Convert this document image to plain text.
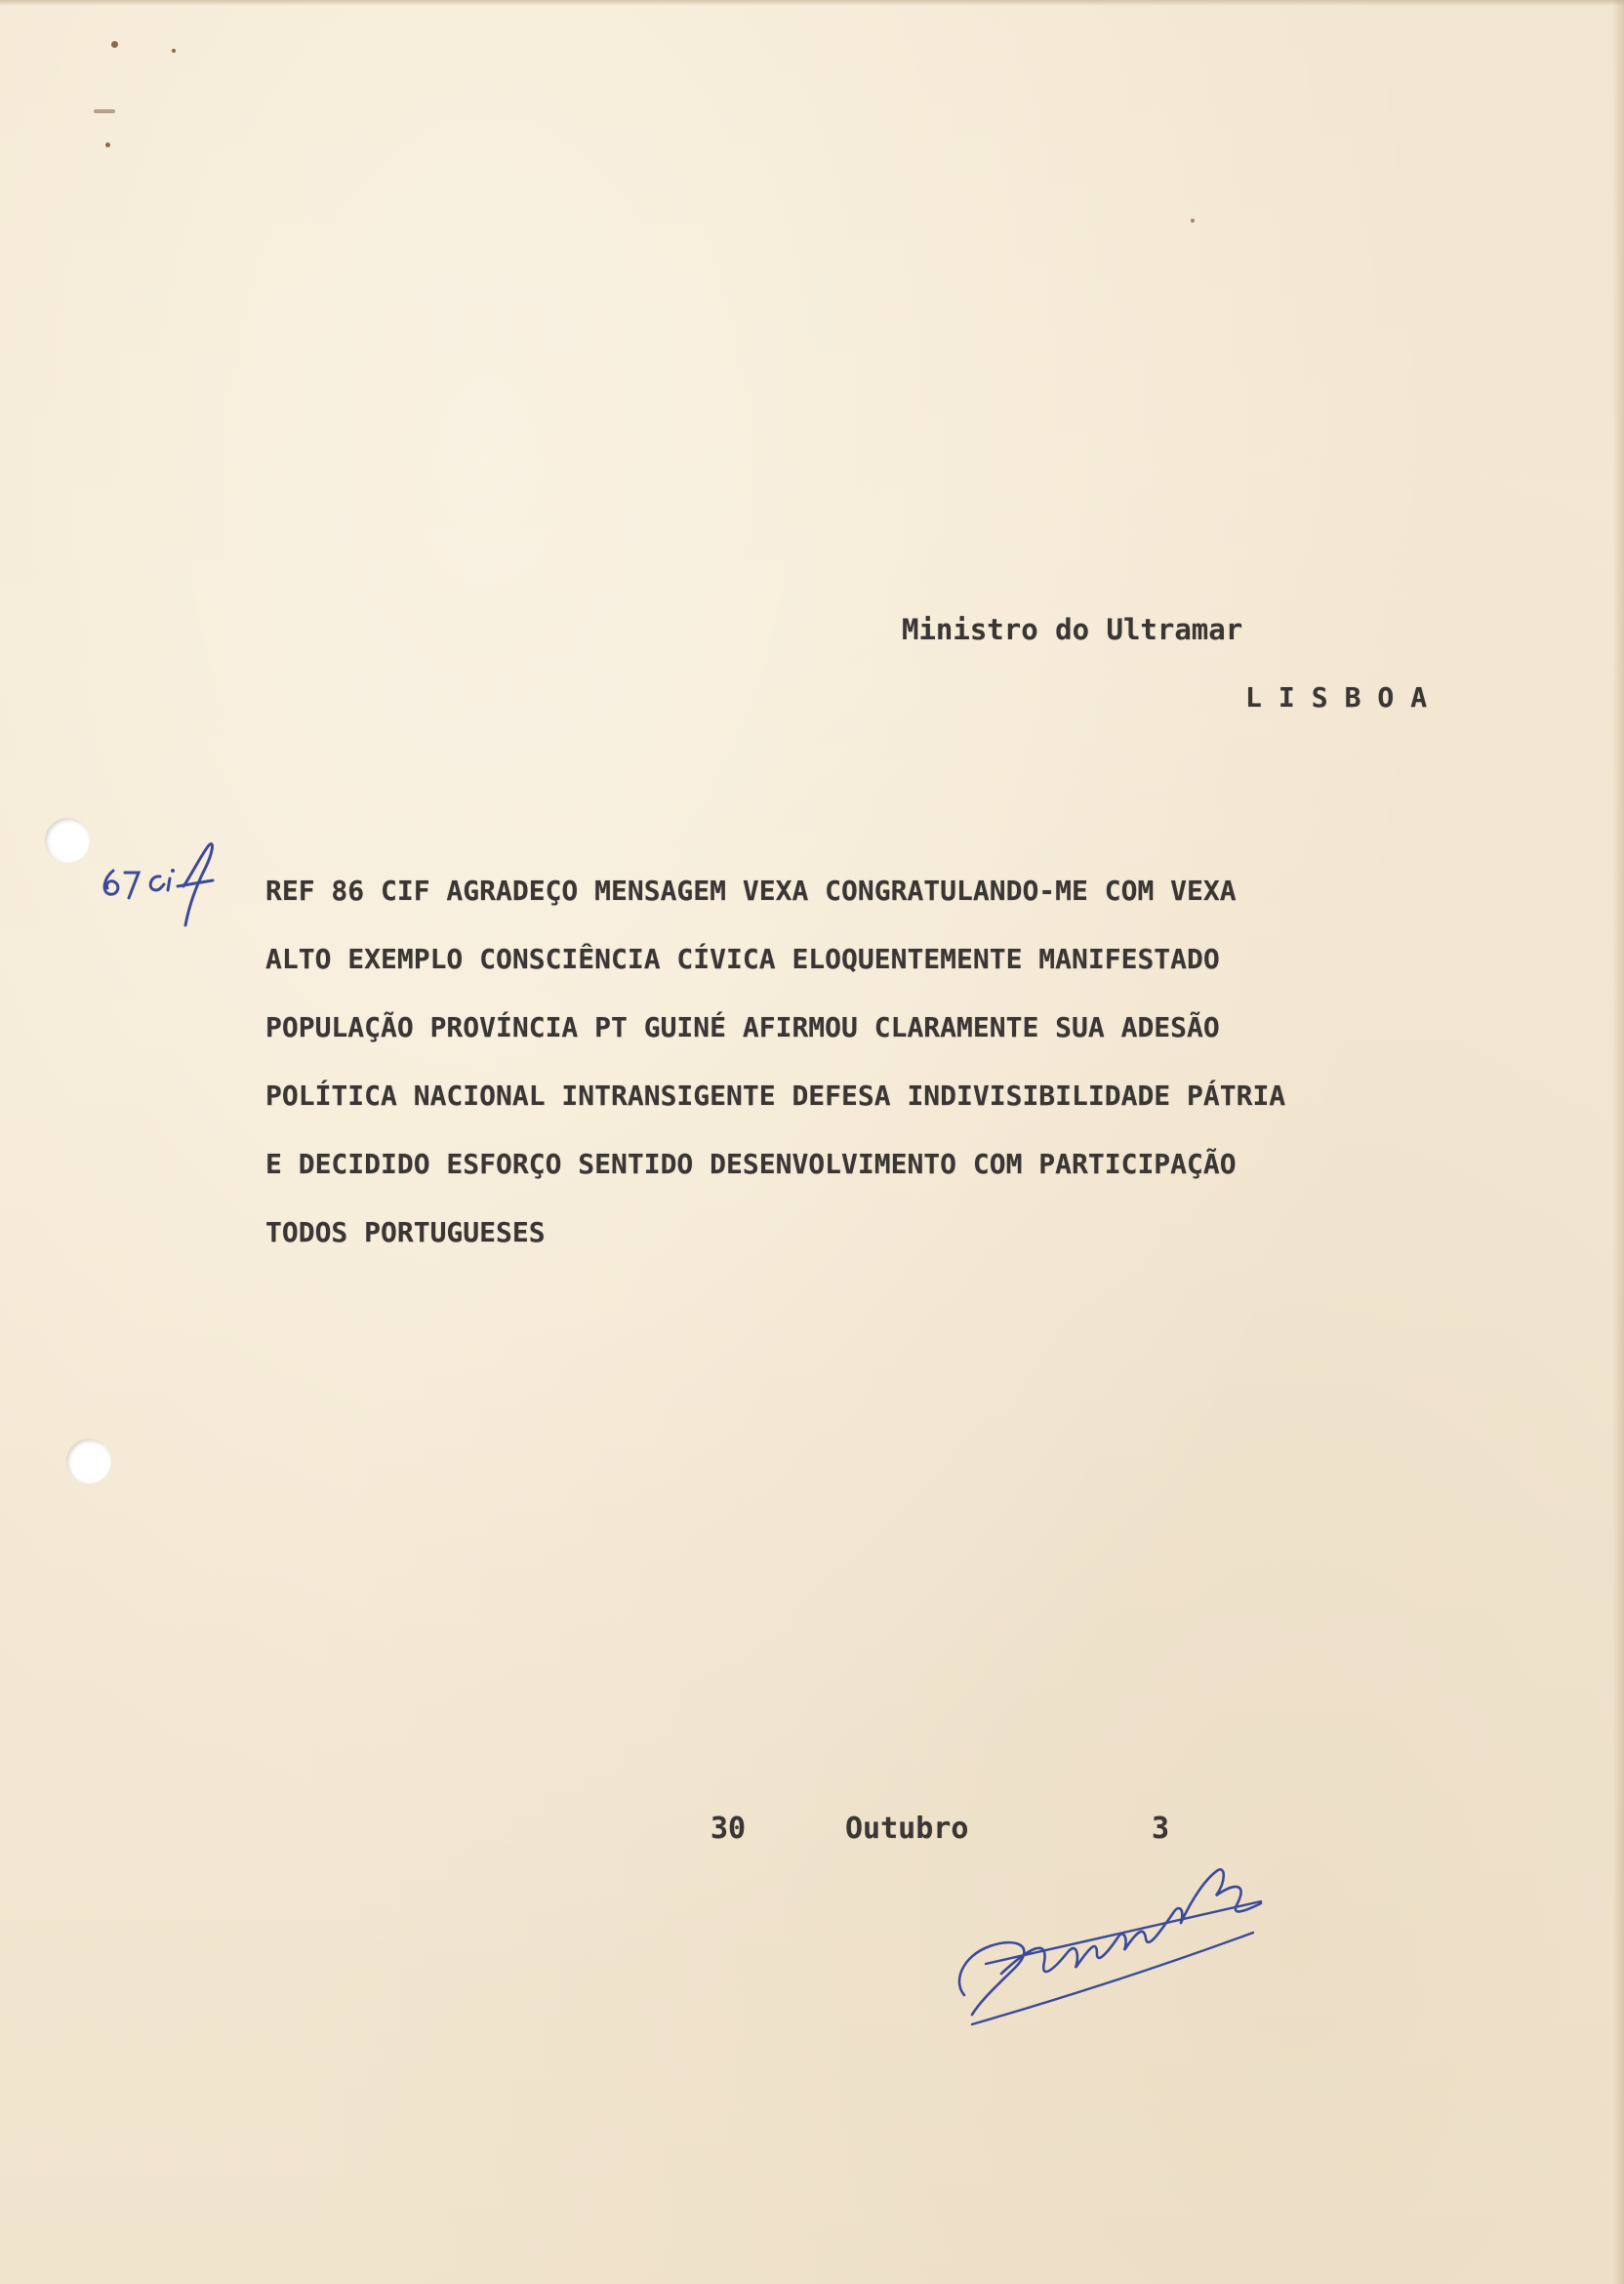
Ministro do Ultramar
LISBOA
REF 86 CIF AGRADEÇO MENSAGEM VEXA CONGRATULANDO-ME COM VEXA
ALTO EXEMPLO CONSCIÊNCIA CÍVICA ELOQUENTEMENTE MANIFESTADO
POPULAÇÃO PROVÍNCIA PT GUINÉ AFIRMOU CLARAMENTE SUA ADESÃO
POLÍTICA NACIONAL INTRANSIGENTE DEFESA INDIVISIBILIDADE PÁTRIA
E DECIDIDO ESFORÇO SENTIDO DESENVOLVIMENTO COM PARTICIPAÇÃO
TODOS PORTUGUESES
30	Outubro	3
